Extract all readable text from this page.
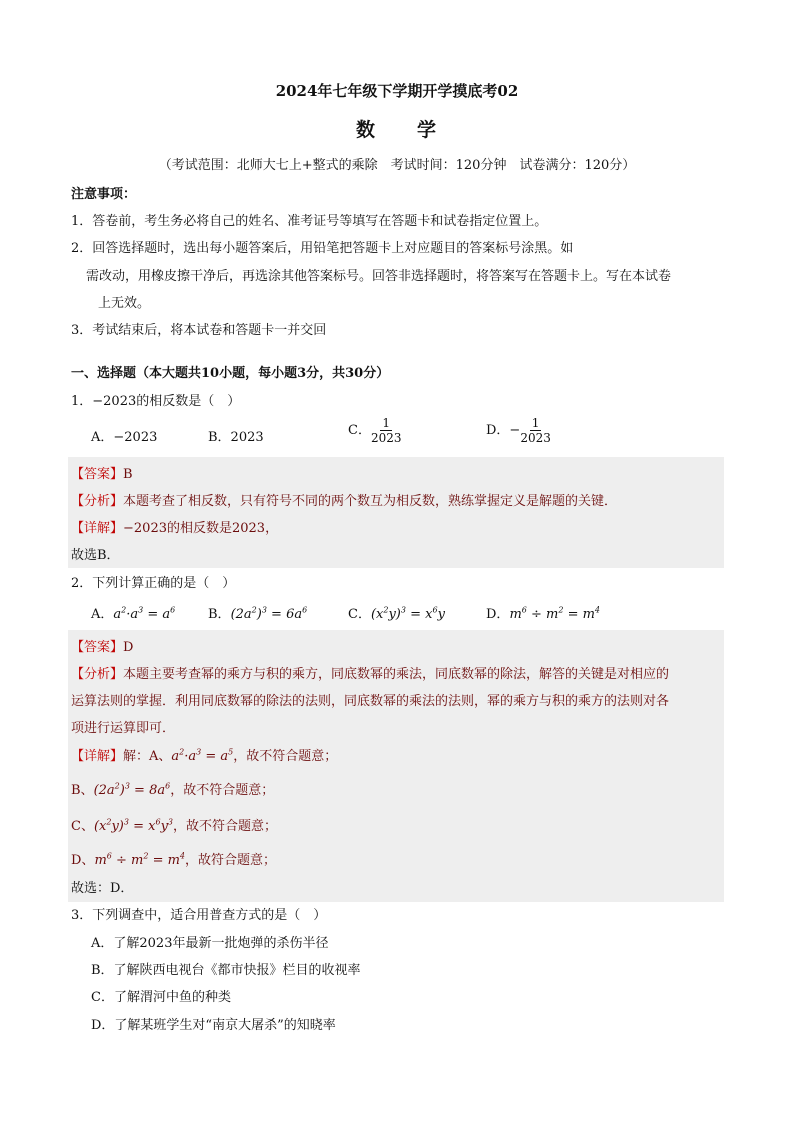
2024年七年级下学期开学摸底考02
数 学
（考试范围：北师大七上+整式的乘除　考试时间：120分钟　试卷满分：120分）
注意事项：
1．答卷前，考生务必将自己的姓名、准考证号等填写在答题卡和试卷指定位置上。
2．回答选择题时，选出每小题答案后，用铅笔把答题卡上对应题目的答案标号涂黑。如
需改动，用橡皮擦干净后，再选涂其他答案标号。回答非选择题时，将答案写在答题卡上。写在本试卷
上无效。
3．考试结束后，将本试卷和答题卡一并交回
一、选择题（本大题共10小题，每小题3分，共30分）
1．−2023的相反数是（　）
A．−2023	B．2023	C． $\frac{1}{2023}$	D．− $\frac{1}{2023}$
【答案】B
【分析】本题考查了相反数，只有符号不同的两个数互为相反数，熟练掌握定义是解题的关键．
【详解】−2023的相反数是2023，
故选B．
2．下列计算正确的是（　）
A．$a^2\cdot a^3 = a^6$	B．$(2a^2)^3 = 6a^6$	C．$(x^2y)^3 = x^6y$	D．$m^6 \div m^2 = m^4$
【答案】D
【分析】本题主要考查幂的乘方与积的乘方，同底数幂的乘法，同底数幂的除法，解答的关键是对相应的
运算法则的掌握．利用同底数幂的除法的法则，同底数幂的乘法的法则，幂的乘方与积的乘方的法则对各
项进行运算即可．
【详解】解：A、$a^2\cdot a^3 = a^5$，故不符合题意；
B、$(2a^2)^3 = 8a^6$，故不符合题意；
C、$(x^2y)^3 = x^6y^3$，故不符合题意；
D、$m^6 \div m^2 = m^4$，故符合题意；
故选：D．
3．下列调查中，适合用普查方式的是（　）
A．了解2023年最新一批炮弹的杀伤半径
B．了解陕西电视台《都市快报》栏目的收视率
C．了解渭河中鱼的种类
D．了解某班学生对“南京大屠杀”的知晓率
